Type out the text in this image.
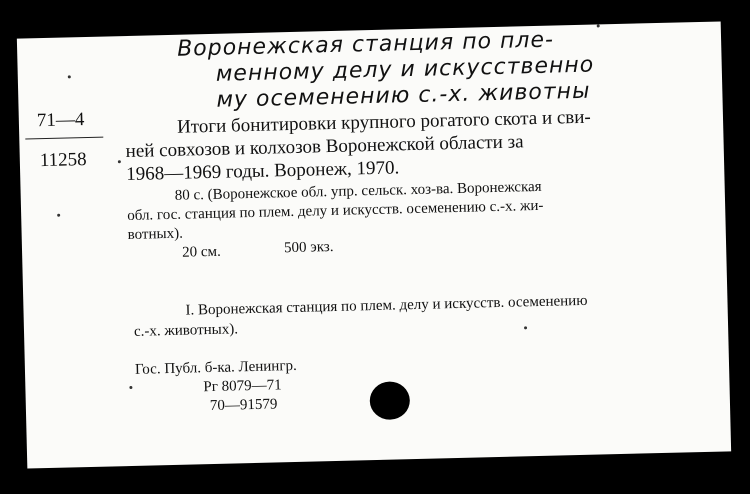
Воронежская станция по пле-
менному делу и искусственно
му осеменению с.-х. животны
71—4
11258
Итоги бонитировки крупного рогатого скота и сви-
ней совхозов и колхозов Воронежской области за
1968—1969 годы. Воронеж, 1970.
80 с. (Воронежское обл. упр. сельск. хоз-ва. Воронежская
обл. гос. станция по плем. делу и искусств. осеменению с.-х. жи-
вотных).
20 см.	500 экз.
I. Воронежская станция по плем. делу и искусств. осеменению
с.-х. животных).
Гос. Публ. б-ка. Ленингр.
Рг 8079—71
70—91579
